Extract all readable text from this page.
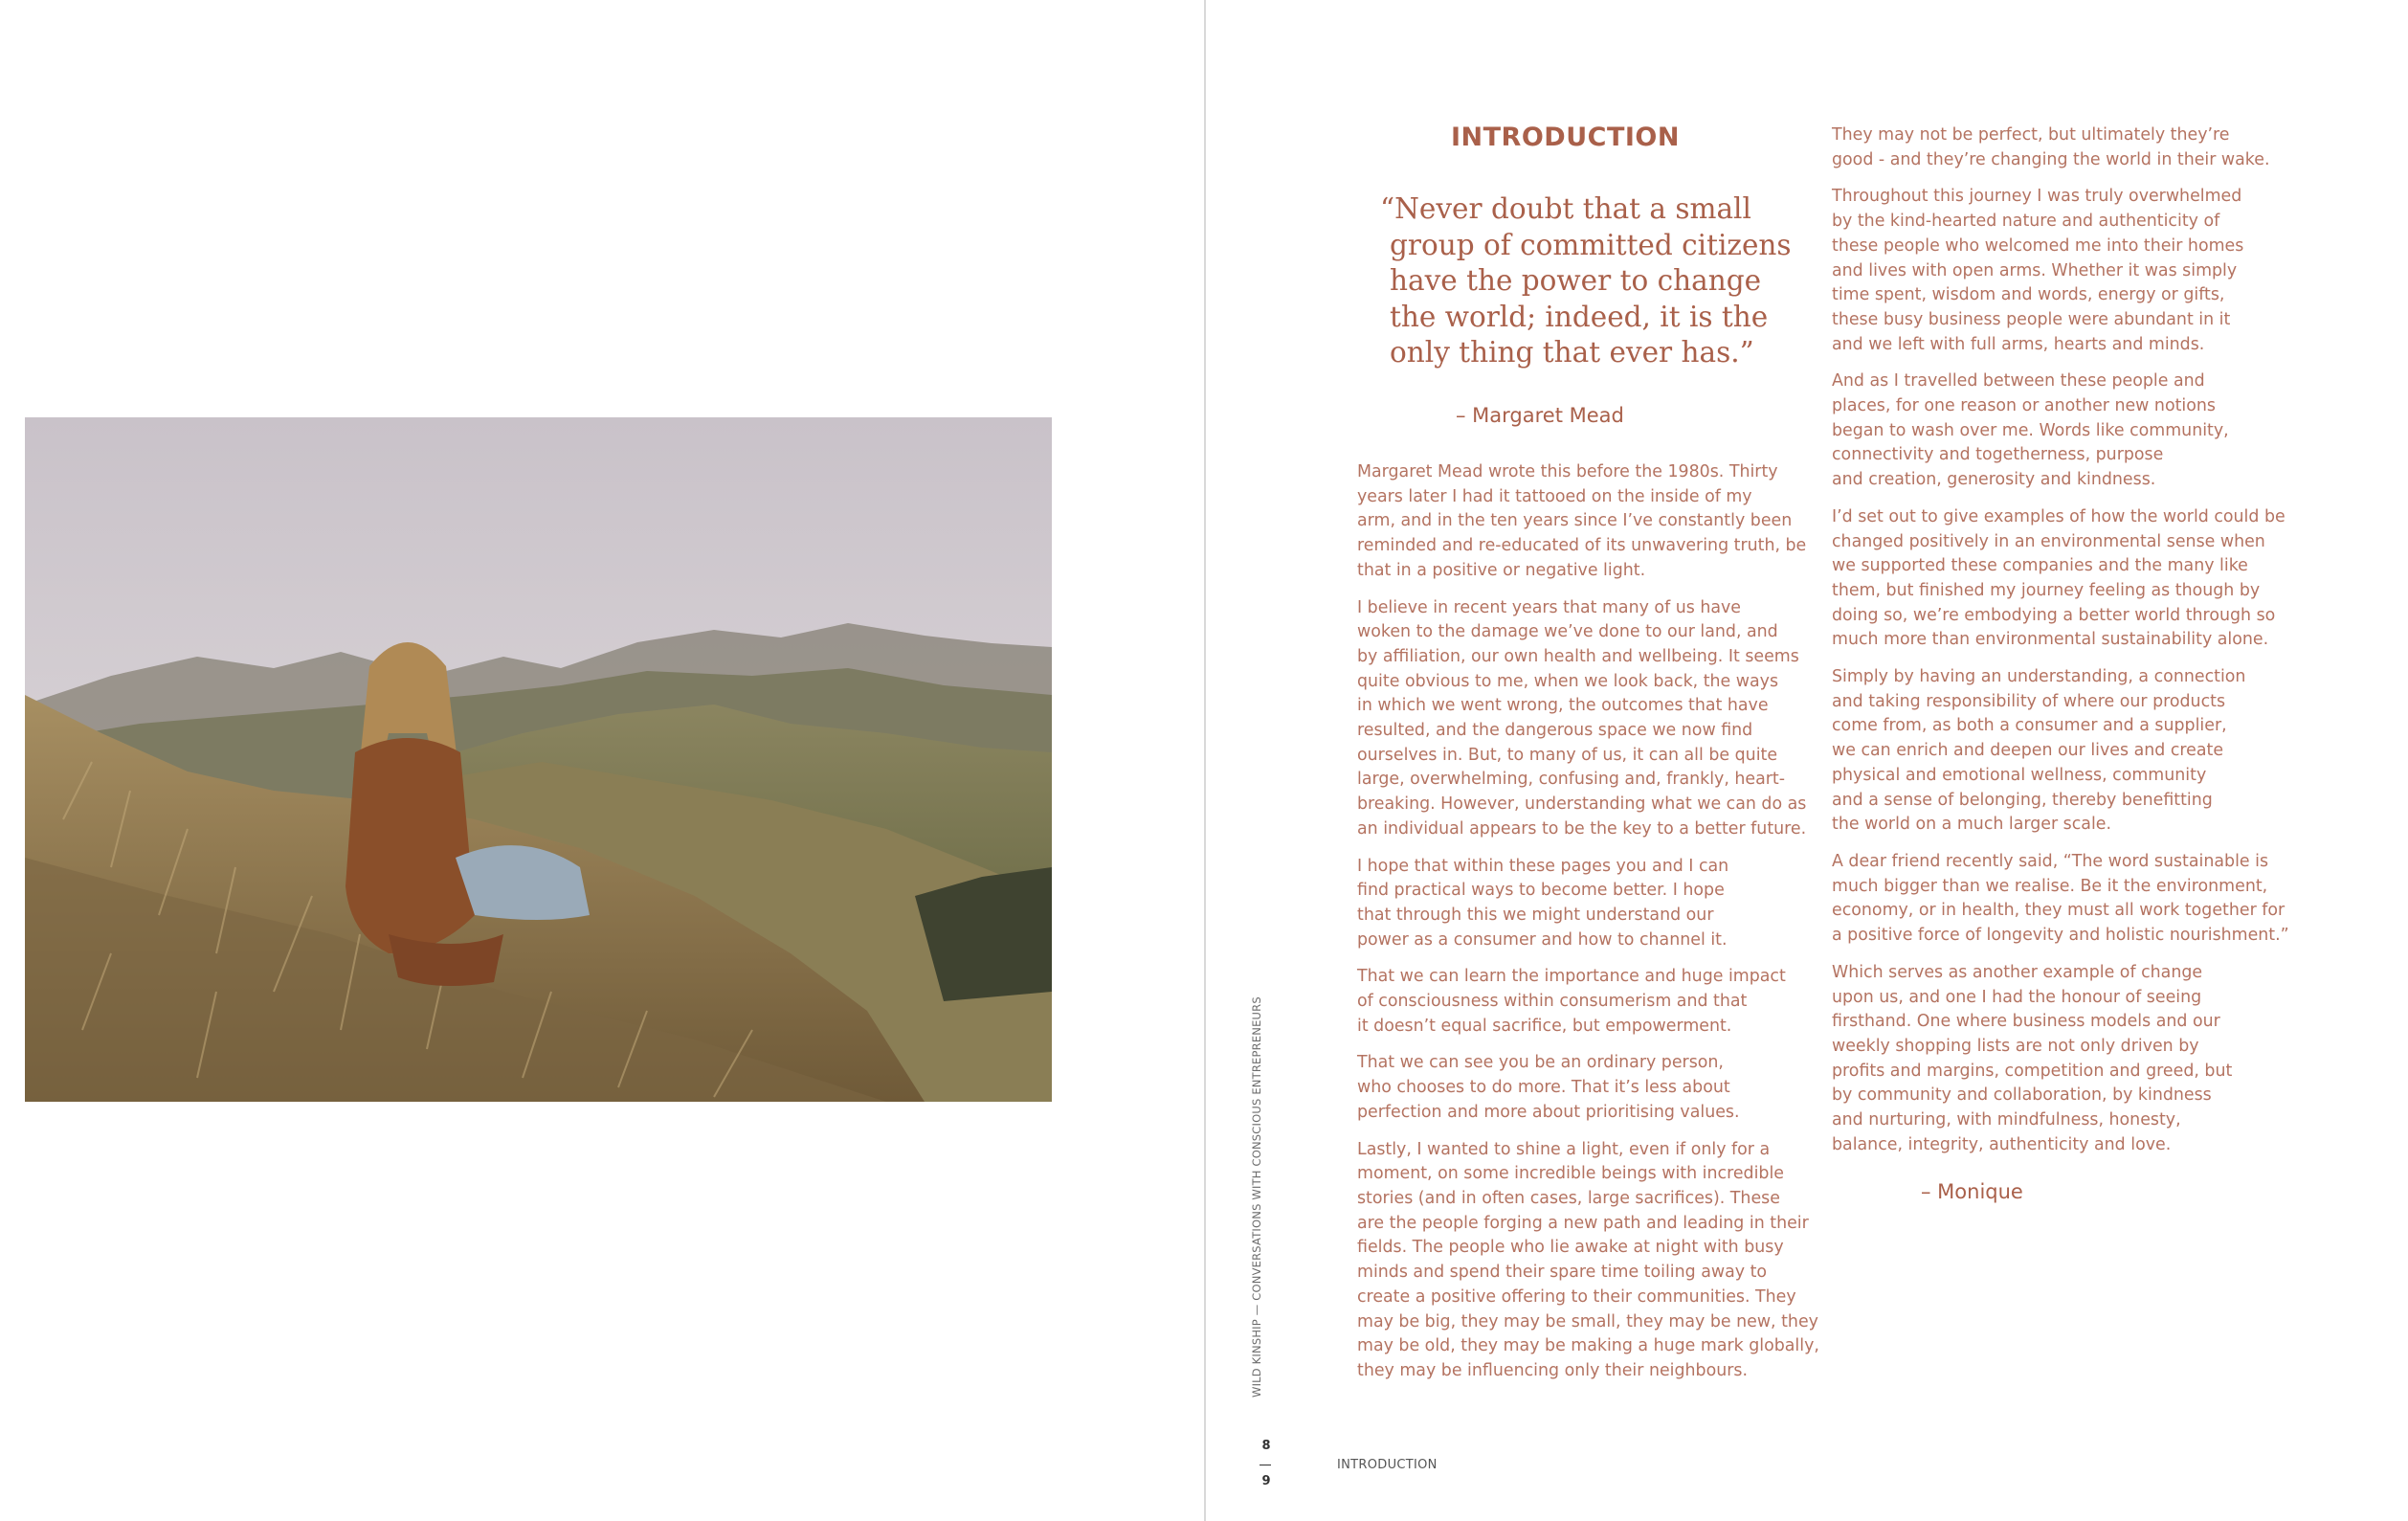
INTRODUCTION
“Never doubt that a small
group of committed citizens
have the power to change
the world; indeed, it is the
only thing that ever has.”
– Margaret Mead

Margaret Mead wrote this before the 1980s. Thirty
years later I had it tattooed on the inside of my
arm, and in the ten years since I’ve constantly been
reminded and re-educated of its unwavering truth, be
that in a positive or negative light.

I believe in recent years that many of us have
woken to the damage we’ve done to our land, and
by affiliation, our own health and wellbeing. It seems
quite obvious to me, when we look back, the ways
in which we went wrong, the outcomes that have
resulted, and the dangerous space we now find
ourselves in. But, to many of us, it can all be quite
large, overwhelming, confusing and, frankly, heart-
breaking. However, understanding what we can do as
an individual appears to be the key to a better future.

I hope that within these pages you and I can
find practical ways to become better. I hope
that through this we might understand our
power as a consumer and how to channel it.

That we can learn the importance and huge impact
of consciousness within consumerism and that
it doesn’t equal sacrifice, but empowerment.

That we can see you be an ordinary person,
who chooses to do more. That it’s less about
perfection and more about prioritising values.

Lastly, I wanted to shine a light, even if only for a
moment, on some incredible beings with incredible
stories (and in often cases, large sacrifices). These
are the people forging a new path and leading in their
fields. The people who lie awake at night with busy
minds and spend their spare time toiling away to
create a positive offering to their communities. They
may be big, they may be small, they may be new, they
may be old, they may be making a huge mark globally,
they may be influencing only their neighbours.

They may not be perfect, but ultimately they’re
good - and they’re changing the world in their wake.

Throughout this journey I was truly overwhelmed
by the kind-hearted nature and authenticity of
these people who welcomed me into their homes
and lives with open arms. Whether it was simply
time spent, wisdom and words, energy or gifts,
these busy business people were abundant in it
and we left with full arms, hearts and minds.

And as I travelled between these people and
places, for one reason or another new notions
began to wash over me. Words like community,
connectivity and togetherness, purpose
and creation, generosity and kindness.

I’d set out to give examples of how the world could be
changed positively in an environmental sense when
we supported these companies and the many like
them, but finished my journey feeling as though by
doing so, we’re embodying a better world through so
much more than environmental sustainability alone.

Simply by having an understanding, a connection
and taking responsibility of where our products
come from, as both a consumer and a supplier,
we can enrich and deepen our lives and create
physical and emotional wellness, community
and a sense of belonging, thereby benefitting
the world on a much larger scale.

A dear friend recently said, “The word sustainable is
much bigger than we realise. Be it the environment,
economy, or in health, they must all work together for
a positive force of longevity and holistic nourishment.”

Which serves as another example of change
upon us, and one I had the honour of seeing
firsthand. One where business models and our
weekly shopping lists are not only driven by
profits and margins, competition and greed, but
by community and collaboration, by kindness
and nurturing, with mindfulness, honesty,
balance, integrity, authenticity and love.

– Monique
WILD KINSHIP — CONVERSATIONS WITH CONSCIOUS ENTREPRENEURS
8
9
INTRODUCTION
